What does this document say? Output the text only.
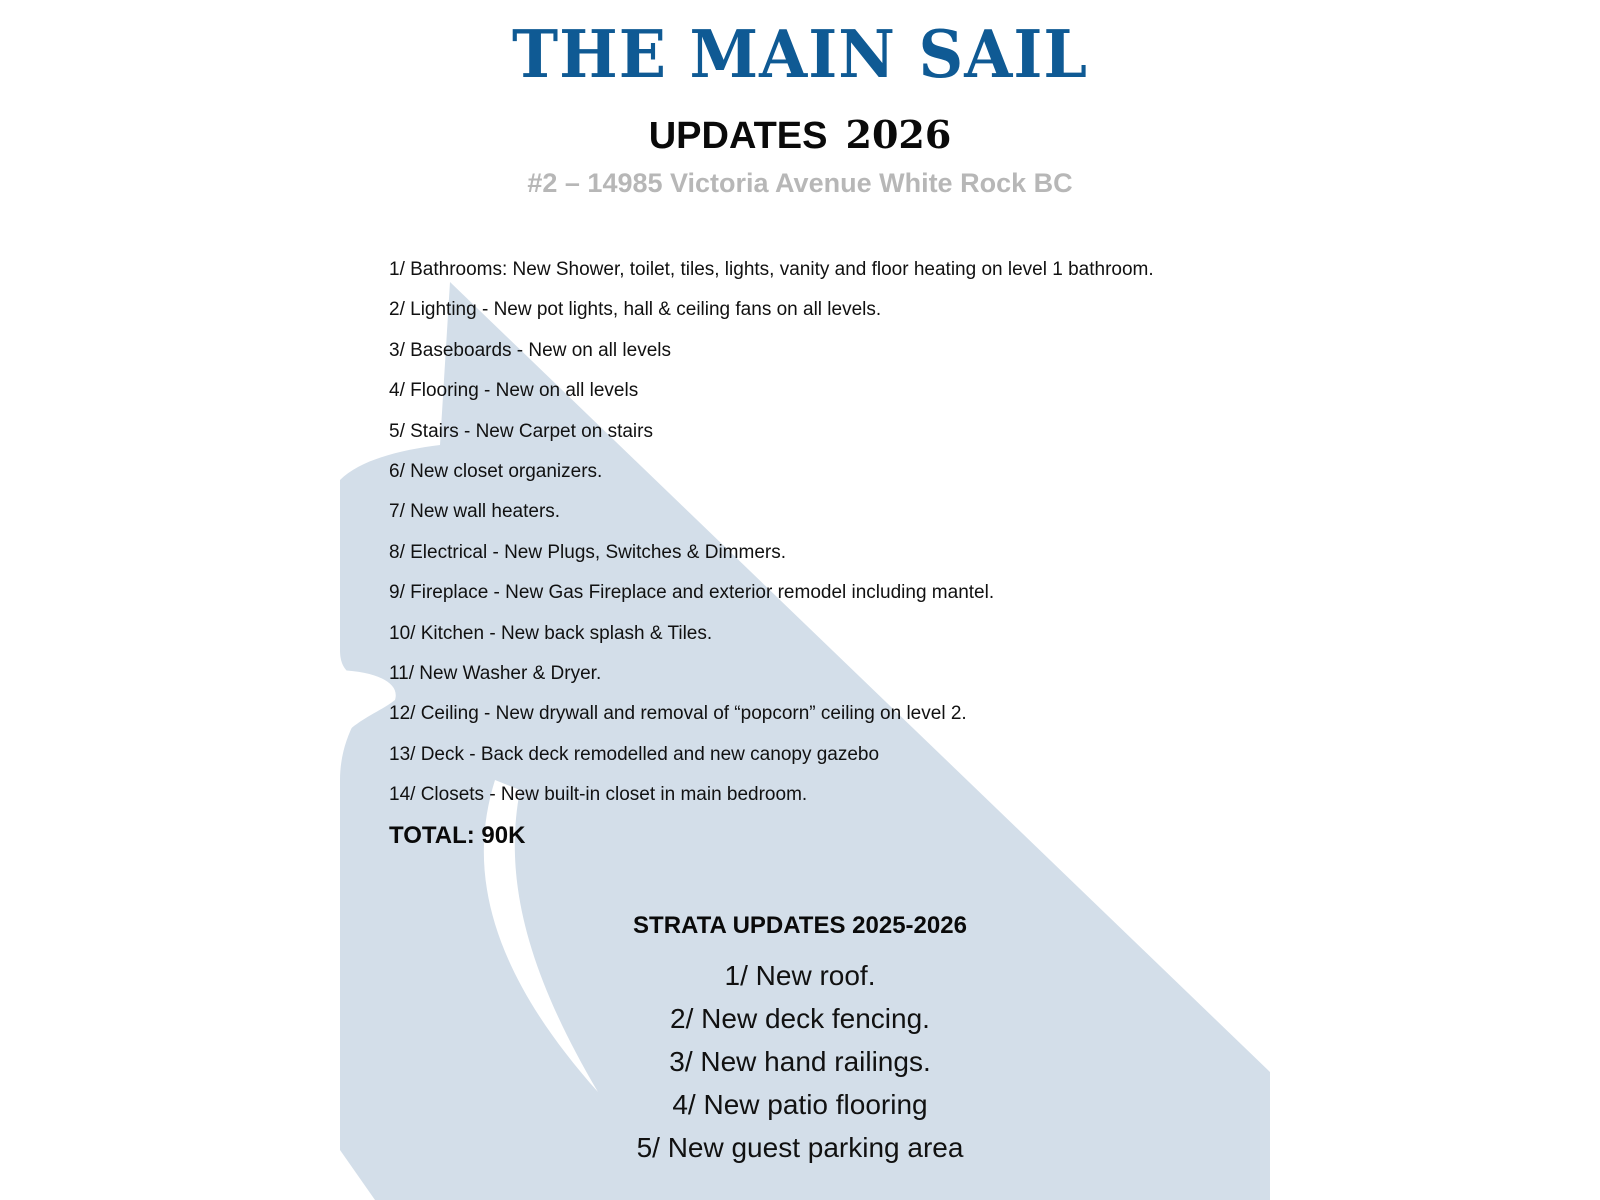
THE MAIN SAIL
UPDATES 2026
#2 – 14985 Victoria Avenue White Rock BC
1/ Bathrooms: New Shower, toilet, tiles, lights, vanity and floor heating on level 1 bathroom.
2/ Lighting - New pot lights, hall & ceiling fans on all levels.
3/ Baseboards - New on all levels
4/ Flooring - New on all levels
5/ Stairs - New Carpet on stairs
6/ New closet organizers.
7/ New wall heaters.
8/ Electrical - New Plugs, Switches & Dimmers.
9/ Fireplace - New Gas Fireplace and exterior remodel including mantel.
10/ Kitchen - New back splash & Tiles.
11/ New Washer & Dryer.
12/ Ceiling - New drywall and removal of “popcorn” ceiling on level 2.
13/ Deck - Back deck remodelled and new canopy gazebo
14/ Closets - New built-in closet in main bedroom.
TOTAL: 90K
STRATA UPDATES 2025-2026
1/ New roof.
2/ New deck fencing.
3/ New hand railings.
4/ New patio flooring
5/ New guest parking area
